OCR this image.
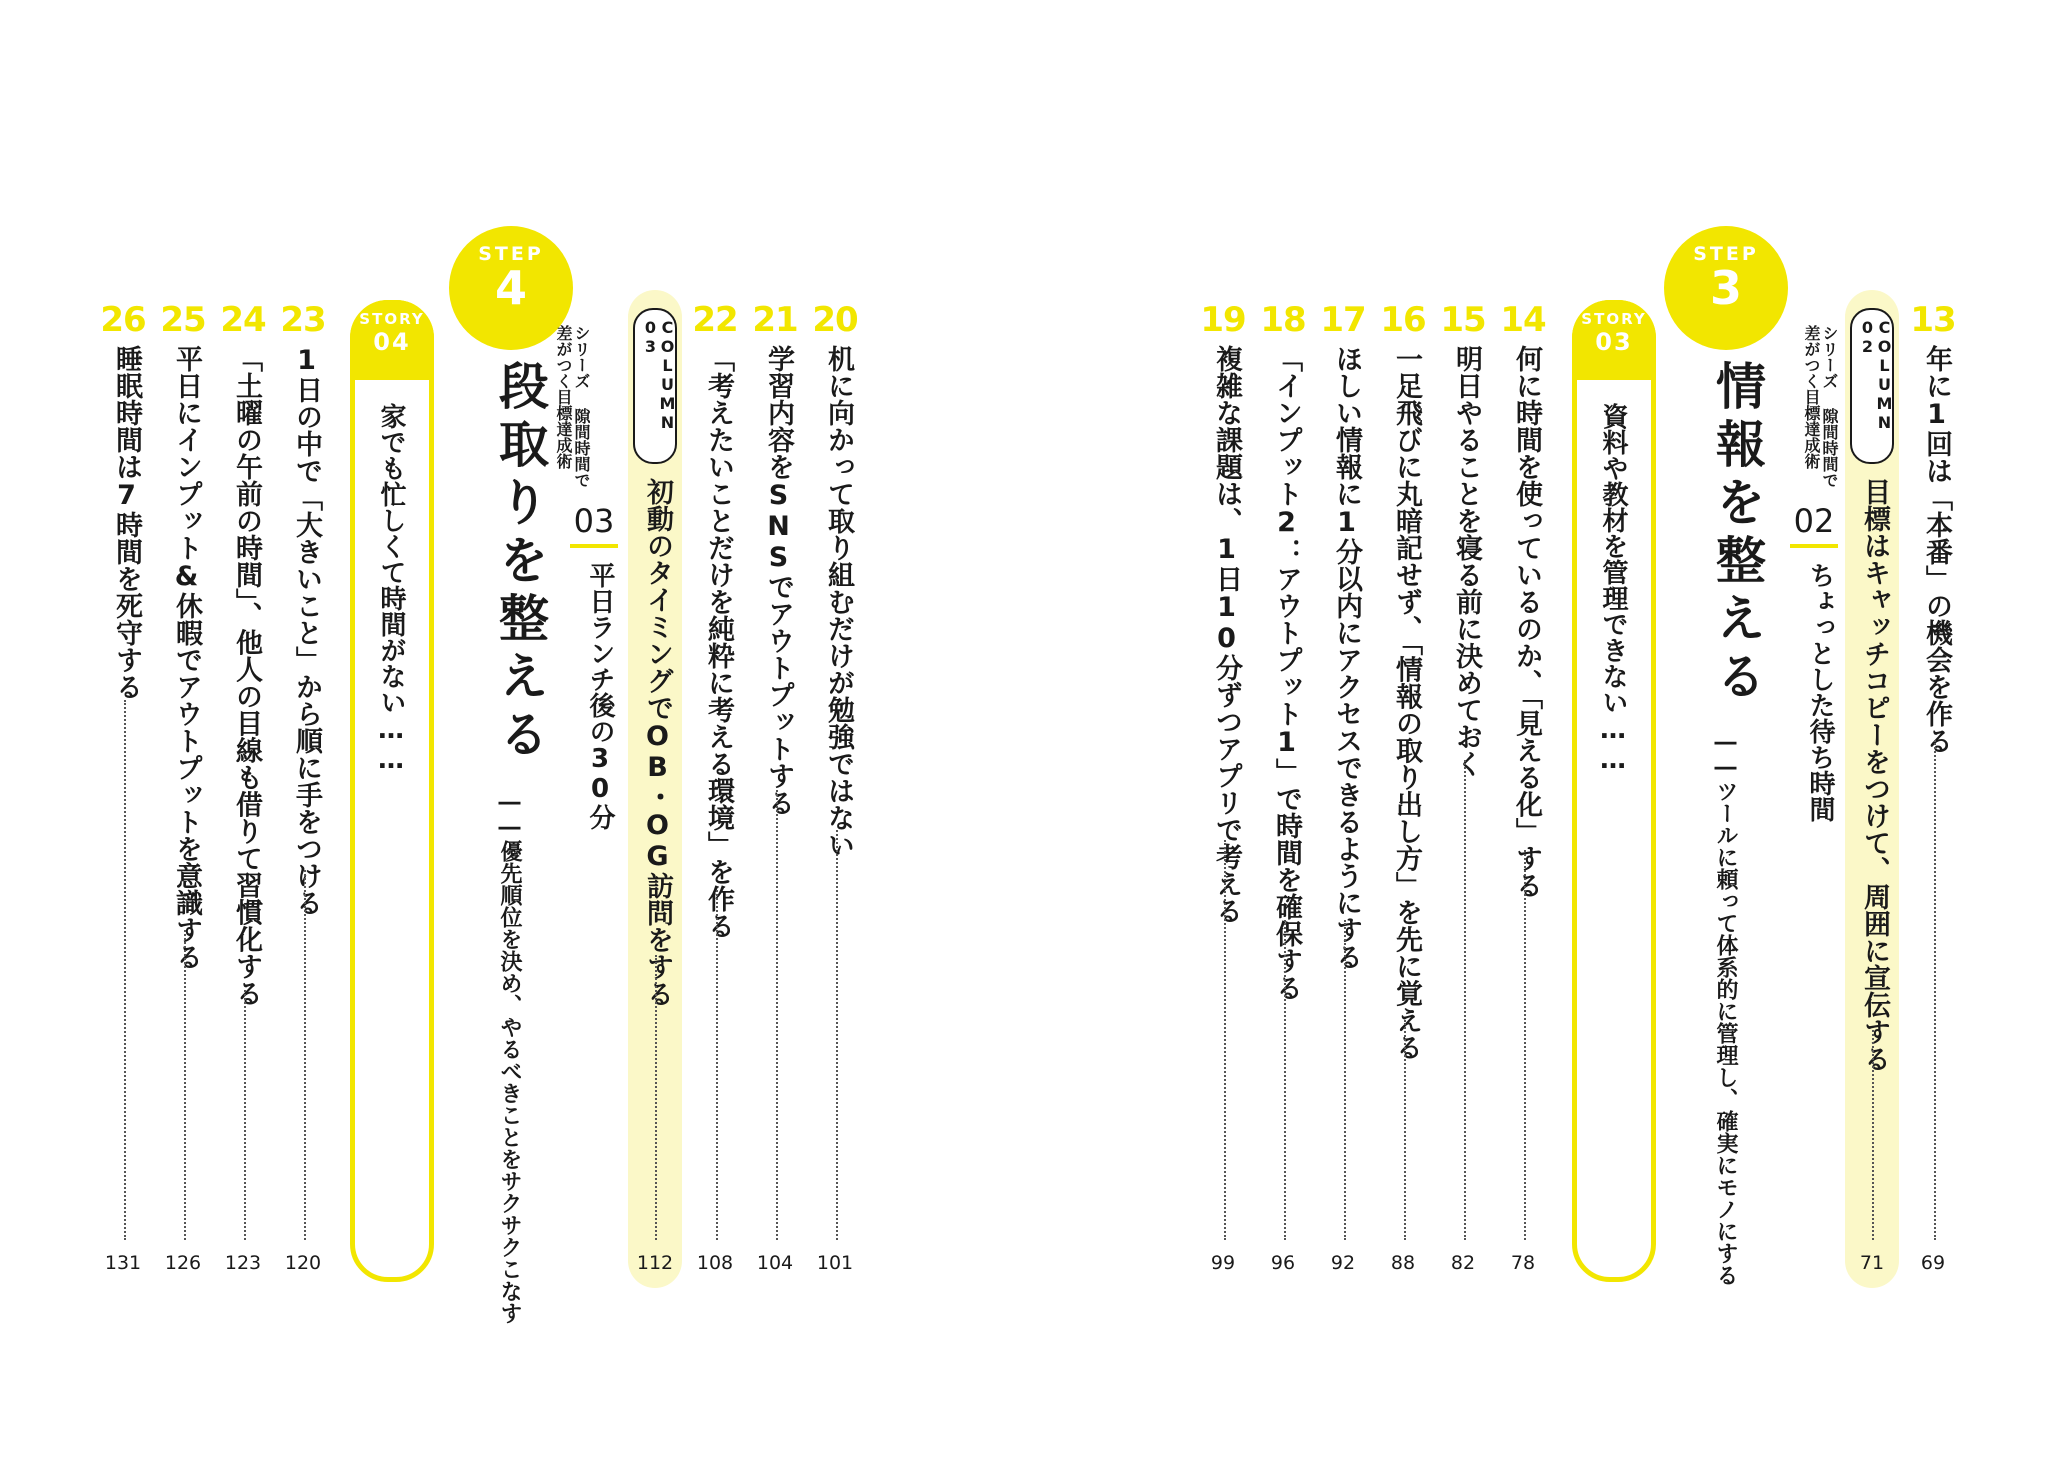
26
睡眠時間は7時間を死守する
131
25
平日にインプット&休暇でアウトプットを意識する
126
24
「土曜の午前の時間」、他人の目線も借りて習慣化する
123
23
1日の中で「大きいこと」から順に手をつける
120
STORY
04
家でも忙しくて時間がない……
STEP
4
段取りを整える
――優先順位を決め、やるべきことをサクサクこなす
シリーズ 隙間時間で
差がつく目標達成術
03
平日ランチ後の30分
COLUMN 03
初動のタイミングでOB・OG訪問をする
112
22
「考えたいことだけを純粋に考える環境」を作る
108
21
学習内容をSNSでアウトプットする
104
20
机に向かって取り組むだけが勉強ではない
101
19
複雑な課題は、1日10分ずつアプリで考える
99
18
「インプット2：アウトプット1」で時間を確保する
96
17
ほしい情報に1分以内にアクセスできるようにする
92
16
一足飛びに丸暗記せず、「情報の取り出し方」を先に覚える
88
15
明日やることを寝る前に決めておく
82
14
何に時間を使っているのか、「見える化」する
78
STORY
03
資料や教材を管理できない……
STEP
3
情報を整える
――ツールに頼って体系的に管理し、確実にモノにする
シリーズ 隙間時間で
差がつく目標達成術
02
ちょっとした待ち時間
COLUMN 02
目標はキャッチコピーをつけて、周囲に宣伝する
71
13
年に1回は「本番」の機会を作る
69
